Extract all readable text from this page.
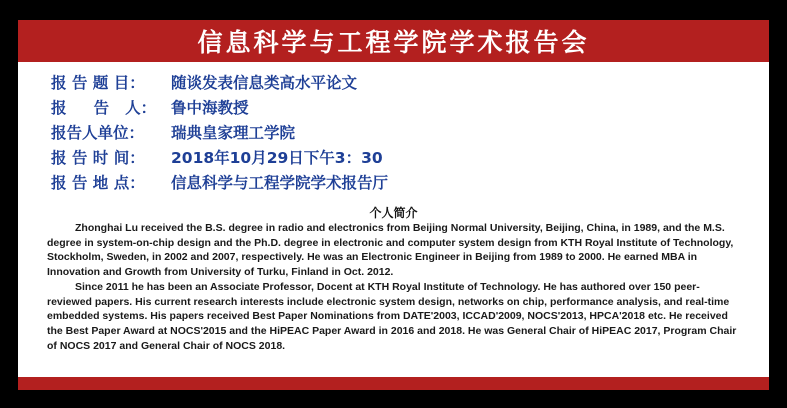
信息科学与工程学院学术报告会
报 告 题 目： 随谈发表信息类高水平论文
报     告   人： 鲁中海教授
报告人单位： 瑞典皇家理工学院
报 告 时 间： 2018年10月29日下午3：30
报 告 地 点： 信息科学与工程学院学术报告厅
个人简介

Zhonghai Lu received the B.S. degree in radio and electronics from Beijing Normal University, Beijing, China, in 1989, and the M.S. degree in system-on-chip design and the Ph.D. degree in electronic and computer system design from KTH Royal Institute of Technology, Stockholm, Sweden, in 2002 and 2007, respectively. He was an Electronic Engineer in Beijing from 1989 to 2000. He earned MBA in Innovation and Growth from University of Turku, Finland in Oct. 2012.

Since 2011 he has been an Associate Professor, Docent at KTH Royal Institute of Technology. He has authored over 150 peer-reviewed papers. His current research interests include electronic system design, networks on chip, performance analysis, and real-time embedded systems. His papers received Best Paper Nominations from DATE'2003, ICCAD'2009, NOCS'2013, HPCA'2018 etc. He received the Best Paper Award at NOCS'2015 and the HiPEAC Paper Award in 2016 and 2018. He was General Chair of HiPEAC 2017, Program Chair of NOCS 2017 and General Chair of NOCS 2018.
